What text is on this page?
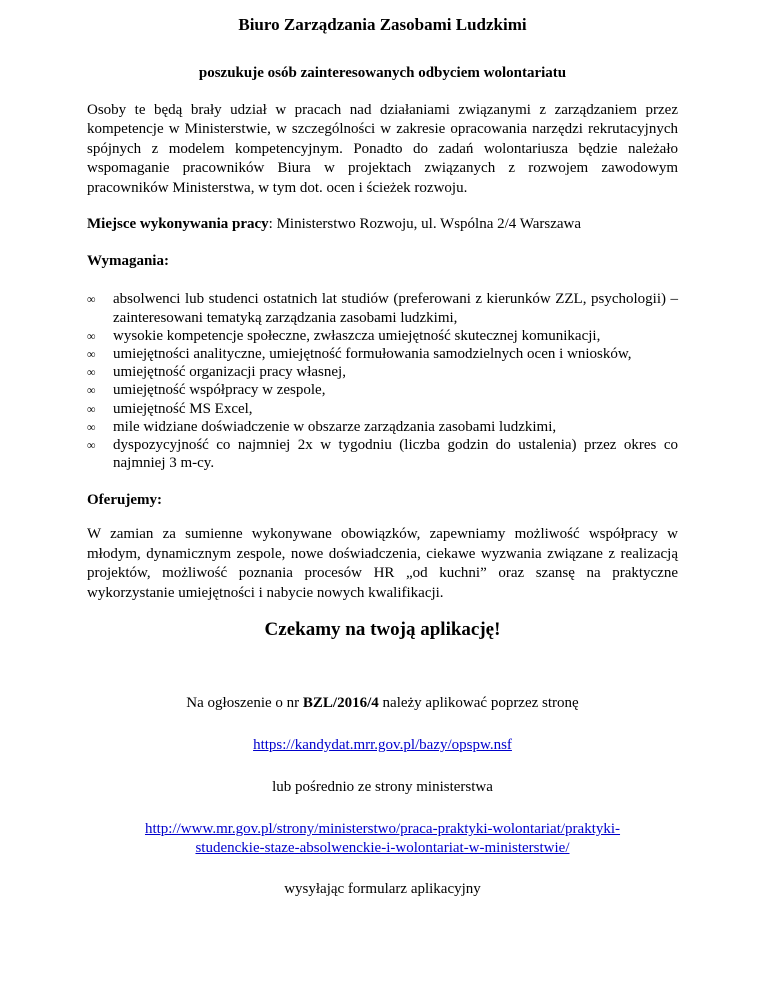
Biuro Zarządzania Zasobami Ludzkimi
poszukuje osób zainteresowanych odbyciem wolontariatu

Osoby te będą brały udział w pracach nad działaniami związanymi z zarządzaniem przez kompetencje w Ministerstwie, w szczególności w zakresie opracowania narzędzi rekrutacyjnych spójnych z modelem kompetencyjnym. Ponadto do zadań wolontariusza będzie należało wspomaganie pracowników Biura w projektach związanych z rozwojem zawodowym pracowników Ministerstwa, w tym dot. ocen i ścieżek rozwoju.

Miejsce wykonywania pracy: Ministerstwo Rozwoju, ul. Wspólna 2/4 Warszawa

Wymagania:

∞ absolwenci lub studenci ostatnich lat studiów (preferowani z kierunków ZZL, psychologii) – zainteresowani tematyką zarządzania zasobami ludzkimi,
∞ wysokie kompetencje społeczne, zwłaszcza umiejętność skutecznej komunikacji,
∞ umiejętności analityczne, umiejętność formułowania samodzielnych ocen i wniosków,
∞ umiejętność organizacji pracy własnej,
∞ umiejętność współpracy w zespole,
∞ umiejętność MS Excel,
∞ mile widziane doświadczenie w obszarze zarządzania zasobami ludzkimi,
∞ dyspozycyjność co najmniej 2x w tygodniu (liczba godzin do ustalenia) przez okres co najmniej 3 m-cy.

Oferujemy:

W zamian za sumienne wykonywane obowiązków, zapewniamy możliwość współpracy w młodym, dynamicznym zespole, nowe doświadczenia, ciekawe wyzwania związane z realizacją projektów, możliwość poznania procesów HR „od kuchni” oraz szansę na praktyczne wykorzystanie umiejętności i nabycie nowych kwalifikacji.

Czekamy na twoją aplikację!

Na ogłoszenie o nr BZL/2016/4 należy aplikować poprzez stronę

https://kandydat.mrr.gov.pl/bazy/opspw.nsf

lub pośrednio ze strony ministerstwa

http://www.mr.gov.pl/strony/ministerstwo/praca-praktyki-wolontariat/praktyki-
studenckie-staze-absolwenckie-i-wolontariat-w-ministerstwie/

wysyłając formularz aplikacyjny
